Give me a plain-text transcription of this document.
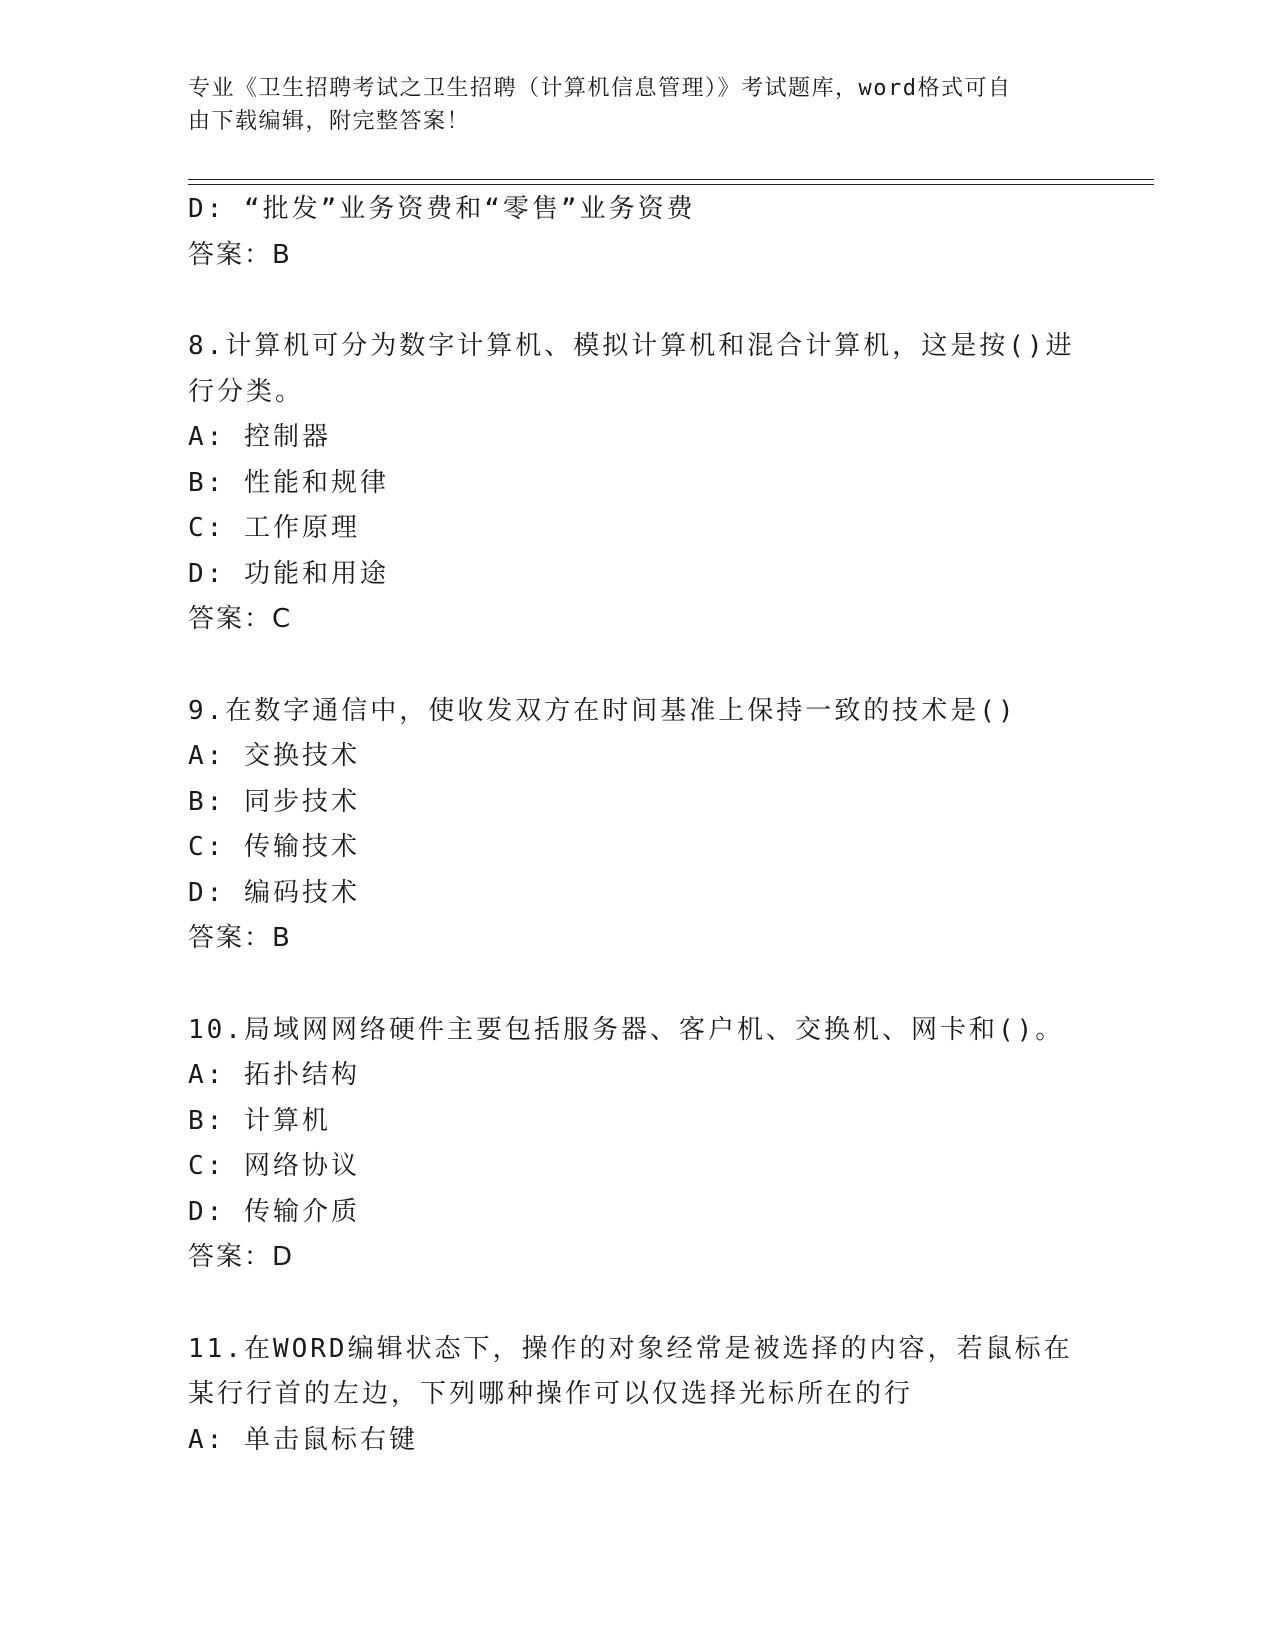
专业《卫生招聘考试之卫生招聘（计算机信息管理）》考试题库，word格式可自
由下载编辑，附完整答案！
D: “批发”业务资费和“零售”业务资费
答案：B
8.计算机可分为数字计算机、模拟计算机和混合计算机，这是按()进
行分类。
A: 控制器
B: 性能和规律
C: 工作原理
D: 功能和用途
答案：C
9.在数字通信中，使收发双方在时间基准上保持一致的技术是()
A: 交换技术
B: 同步技术
C: 传输技术
D: 编码技术
答案：B
10.局域网网络硬件主要包括服务器、客户机、交换机、网卡和()。
A: 拓扑结构
B: 计算机
C: 网络协议
D: 传输介质
答案：D
11.在WORD编辑状态下，操作的对象经常是被选择的内容，若鼠标在
某行行首的左边，下列哪种操作可以仅选择光标所在的行
A: 单击鼠标右键
